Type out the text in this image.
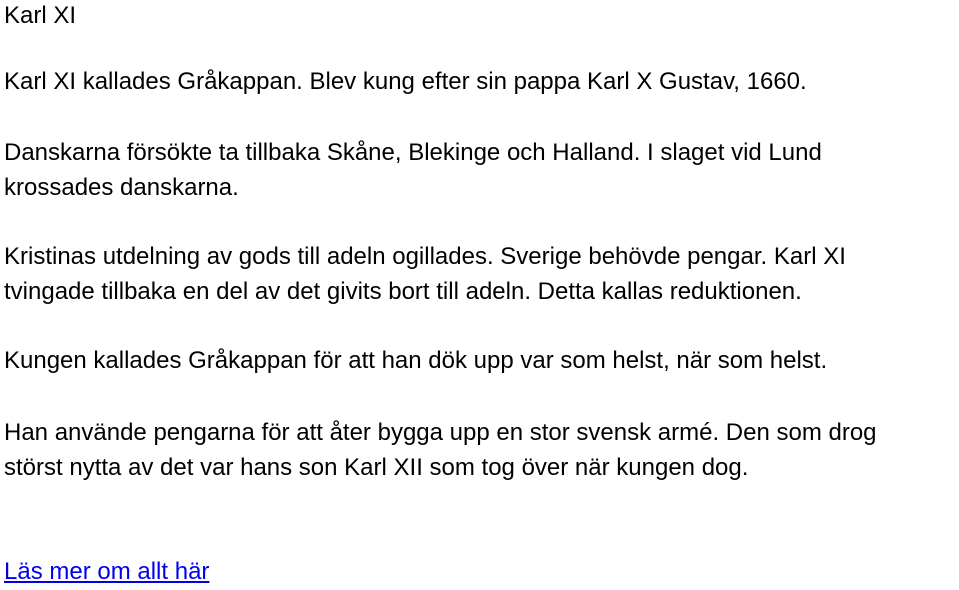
Karl XI

Karl XI kallades Gråkappan. Blev kung efter sin pappa Karl X Gustav, 1660.

Danskarna försökte ta tillbaka Skåne, Blekinge och Halland. I slaget vid Lund

krossades danskarna.

Kristinas utdelning av gods till adeln ogillades. Sverige behövde pengar. Karl XI

tvingade tillbaka en del av det givits bort till adeln. Detta kallas reduktionen.

Kungen kallades Gråkappan för att han dök upp var som helst, när som helst.

Han använde pengarna för att åter bygga upp en stor svensk armé. Den som drog

störst nytta av det var hans son Karl XII som tog över när kungen dog.

Läs mer om allt här
